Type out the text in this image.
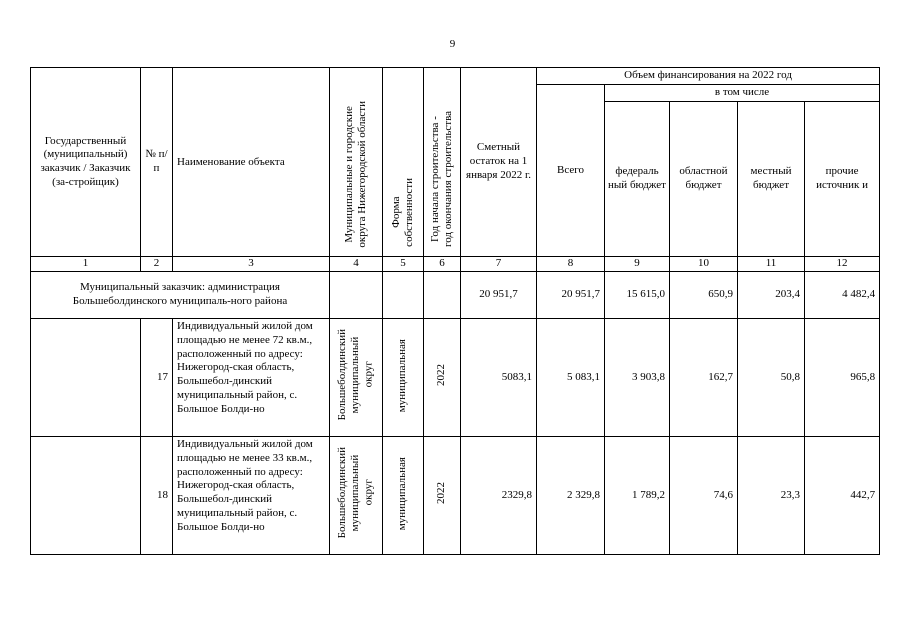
9
Государственный (муниципальный) заказчик / Заказчик (за-стройщик)	№ п/п	Наименование объекта	Муниципальные и городские
округа Нижегородской области	Форма
собственности	Год начала строительства -
год окончания строительства	Сметный остаток на 1 января 2022 г.	Объем финансирования на 2022 год				
							Всего	в том числе			
								федераль ный бюджет	областной бюджет	местный бюджет	прочие источник и
1	2	3	4	5	6	7	8	9	10	11	12
Муниципальный заказчик: администрация Большеболдинского муниципаль-ного района						20 951,7	20 951,7	15 615,0	650,9	203,4	4 482,4
	17	Индивидуальный жилой дом площадью не менее 72 кв.м., расположенный по адресу: Нижегород-ская область, Большебол-динский муниципальный район, с. Большое Болди-но	Большеболдинский
муниципальный
округ	муниципальная	2022	5083,1	5 083,1	3 903,8	162,7	50,8	965,8
	18	Индивидуальный жилой дом площадью не менее 33 кв.м., расположенный по адресу: Нижегород-ская область, Большебол-динский муниципальный район, с. Большое Болди-но	Большеболдинский
муниципальный
округ	муниципальная	2022	2329,8	2 329,8	1 789,2	74,6	23,3	442,7
